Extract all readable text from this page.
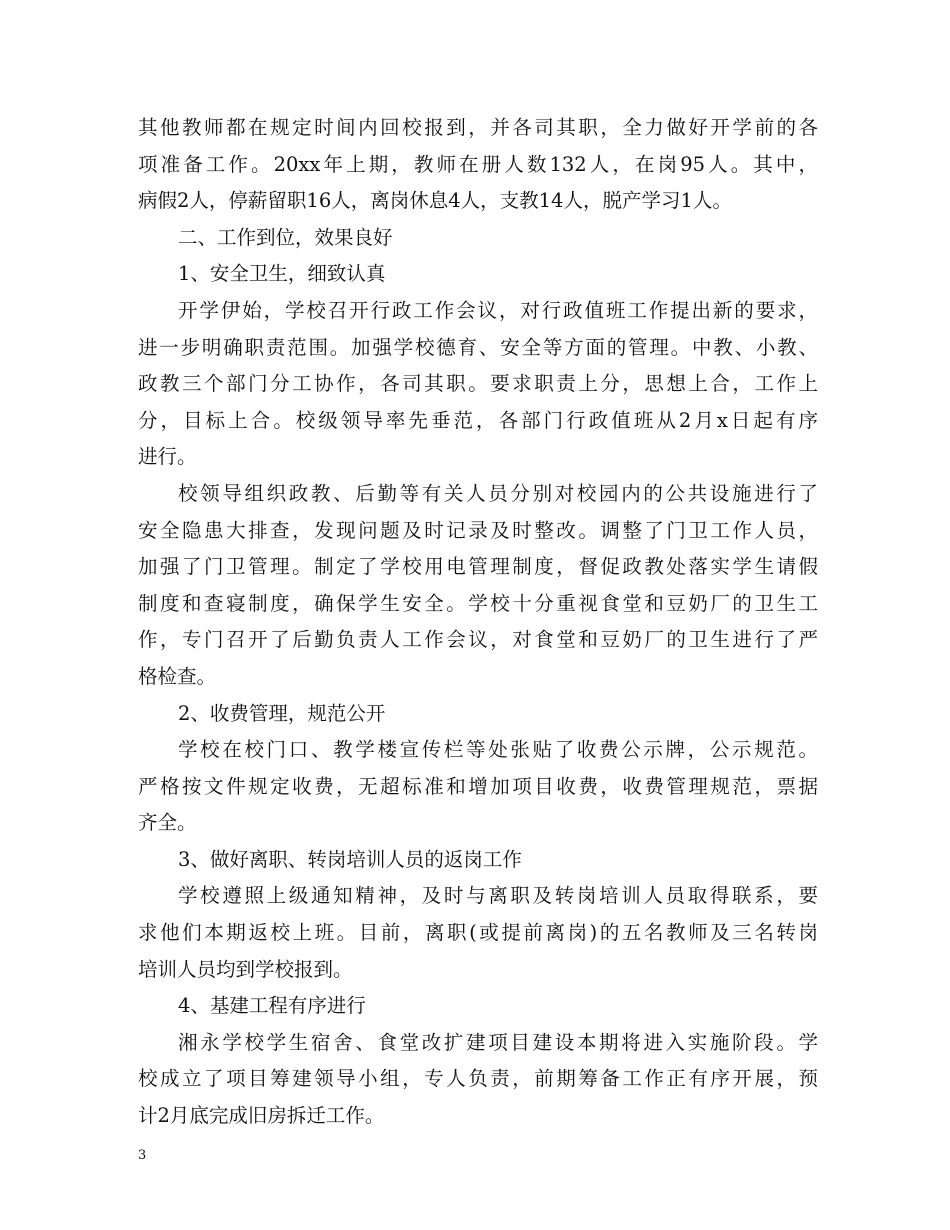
其他教师都在规定时间内回校报到，并各司其职，全力做好开学前的各
项准备工作。20xx年上期，教师在册人数132人，在岗95人。其中，
病假2人，停薪留职16人，离岗休息4人，支教14人，脱产学习1人。
二、工作到位，效果良好
1、安全卫生，细致认真
开学伊始，学校召开行政工作会议，对行政值班工作提出新的要求，
进一步明确职责范围。加强学校德育、安全等方面的管理。中教、小教、
政教三个部门分工协作，各司其职。要求职责上分，思想上合，工作上
分，目标上合。校级领导率先垂范，各部门行政值班从2月x日起有序
进行。
校领导组织政教、后勤等有关人员分别对校园内的公共设施进行了
安全隐患大排查，发现问题及时记录及时整改。调整了门卫工作人员，
加强了门卫管理。制定了学校用电管理制度，督促政教处落实学生请假
制度和查寝制度，确保学生安全。学校十分重视食堂和豆奶厂的卫生工
作，专门召开了后勤负责人工作会议，对食堂和豆奶厂的卫生进行了严
格检查。
2、收费管理，规范公开
学校在校门口、教学楼宣传栏等处张贴了收费公示牌，公示规范。
严格按文件规定收费，无超标准和增加项目收费，收费管理规范，票据
齐全。
3、做好离职、转岗培训人员的返岗工作
学校遵照上级通知精神，及时与离职及转岗培训人员取得联系，要
求他们本期返校上班。目前，离职(或提前离岗)的五名教师及三名转岗
培训人员均到学校报到。
4、基建工程有序进行
湘永学校学生宿舍、食堂改扩建项目建设本期将进入实施阶段。学
校成立了项目筹建领导小组，专人负责，前期筹备工作正有序开展，预
计2月底完成旧房拆迁工作。
3
